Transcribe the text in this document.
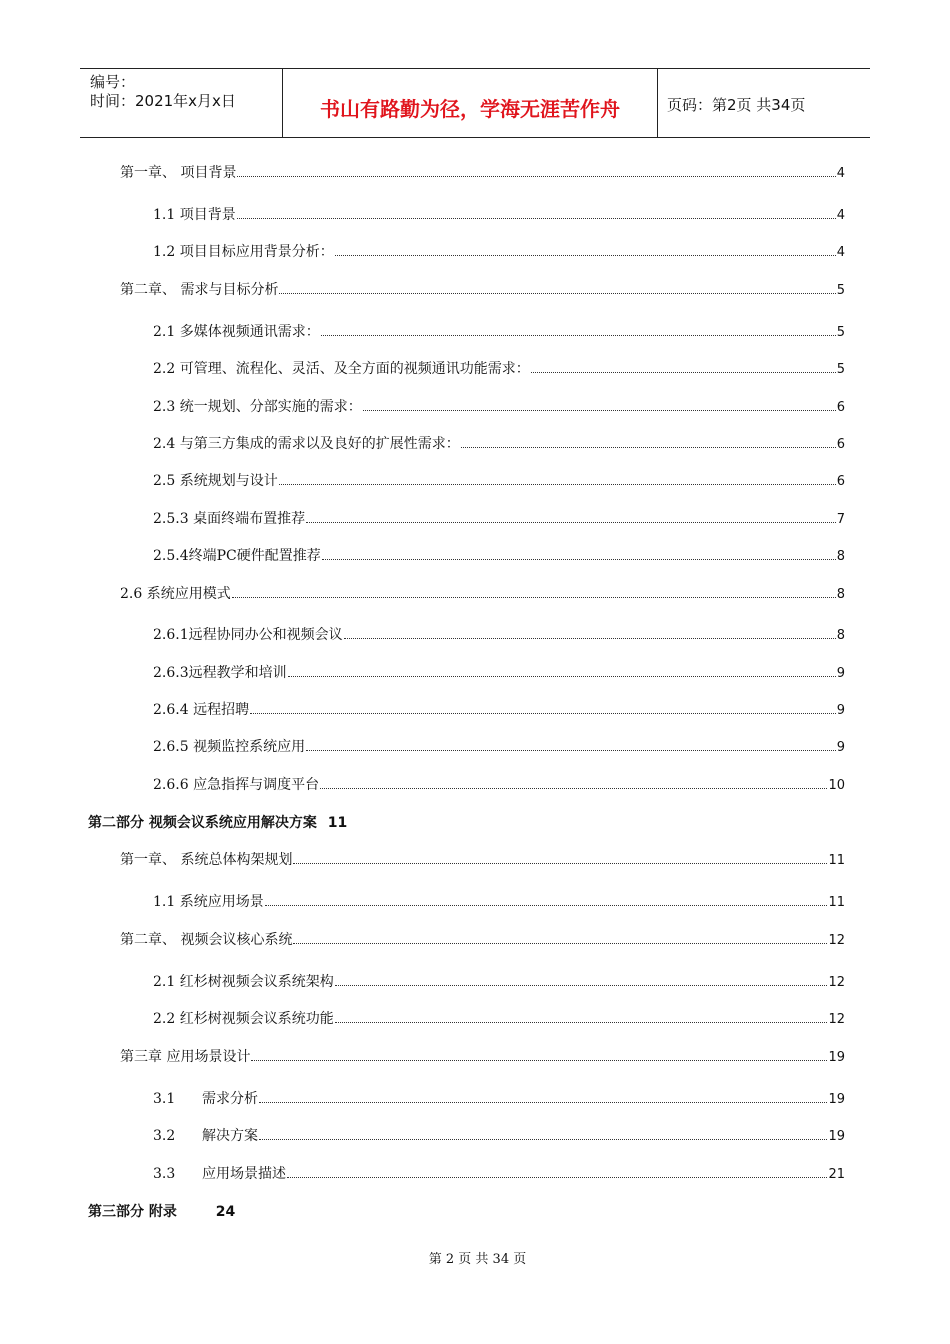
编号：
时间：2021年x月x日	书山有路勤为径，学海无涯苦作舟	页码：第2页 共34页
第一章、 项目背景	4
1.1 项目背景	4
1.2 项目目标应用背景分析：	4
第二章、 需求与目标分析	5
2.1 多媒体视频通讯需求：	5
2.2 可管理、流程化、灵活、及全方面的视频通讯功能需求：	5
2.3 统一规划、分部实施的需求：	6
2.4 与第三方集成的需求以及良好的扩展性需求：	6
2.5 系统规划与设计	6
2.5.3 桌面终端布置推荐	7
2.5.4终端PC硬件配置推荐	8
2.6 系统应用模式	8
2.6.1远程协同办公和视频会议	8
2.6.3远程教学和培训	9
2.6.4 远程招聘	9
2.6.5 视频监控系统应用	9
2.6.6 应急指挥与调度平台	10
第二部分 视频会议系统应用解决方案 11
第一章、 系统总体构架规划	11
1.1 系统应用场景	11
第二章、 视频会议核心系统	12
2.1 红杉树视频会议系统架构	12
2.2 红杉树视频会议系统功能	12
第三章 应用场景设计	19
3.1      需求分析	19
3.2      解决方案	19
3.3      应用场景描述	21
第三部分 附录	24
第 2 页 共 34 页
